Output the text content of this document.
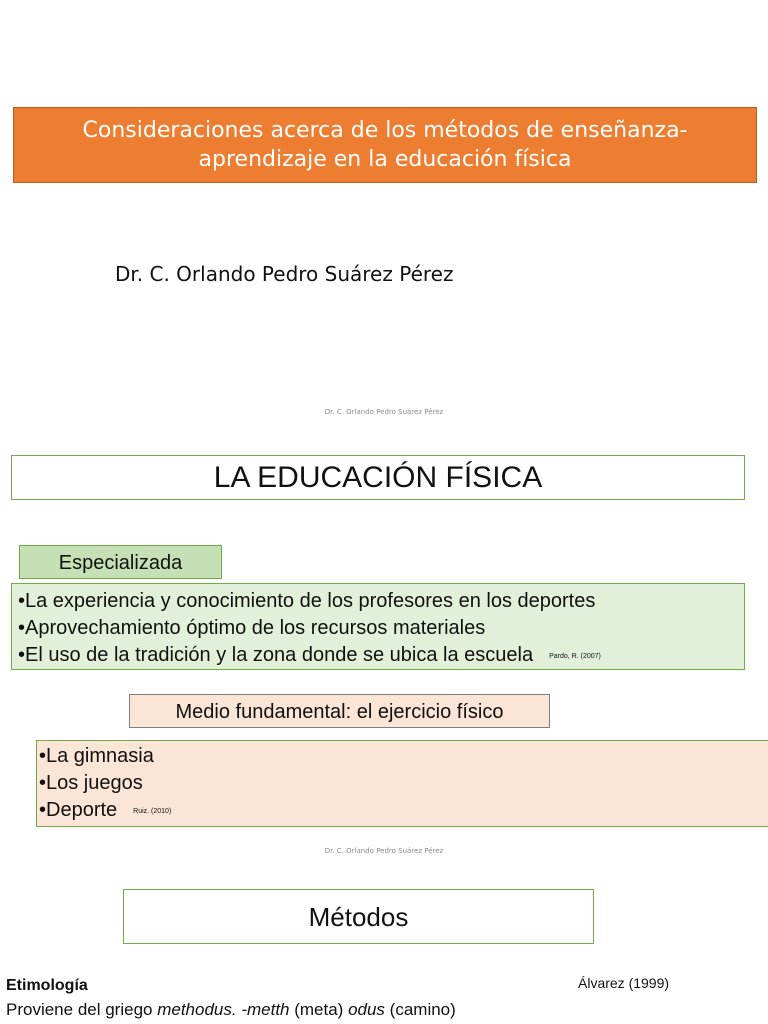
Consideraciones acerca de los métodos de enseñanza-
aprendizaje en la educación física
Dr. C. Orlando Pedro Suárez Pérez
Dr. C. Orlando Pedro Suárez Pérez
LA EDUCACIÓN FÍSICA
Especializada
•La experiencia y conocimiento de los profesores en los deportes
•Aprovechamiento óptimo de los recursos materiales
•El uso de la tradición y la zona donde se ubica la escuela Pardo, R. (2007)
Medio fundamental: el ejercicio físico
•La gimnasia
•Los juegos
•Deporte Ruiz. (2010)
Dr. C. Orlando Pedro Suárez Pérez
Métodos
Etimología
Proviene del griego methodus. -metth (meta) odus (camino)
Álvarez (1999)
